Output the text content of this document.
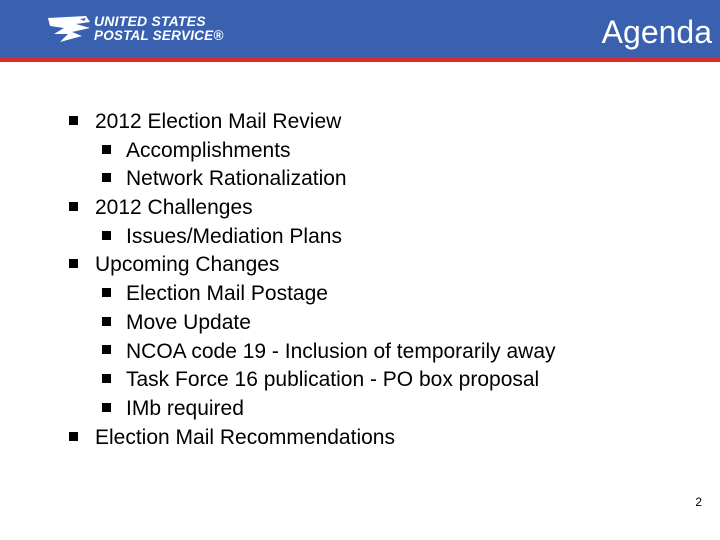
UNITED STATES
POSTAL SERVICE®	Agenda
2012 Election Mail Review
Accomplishments
Network Rationalization
2012 Challenges
Issues/Mediation Plans
Upcoming Changes
Election Mail Postage
Move Update
NCOA code 19 - Inclusion of temporarily away
Task Force 16 publication - PO box proposal
IMb required
Election Mail Recommendations
2
